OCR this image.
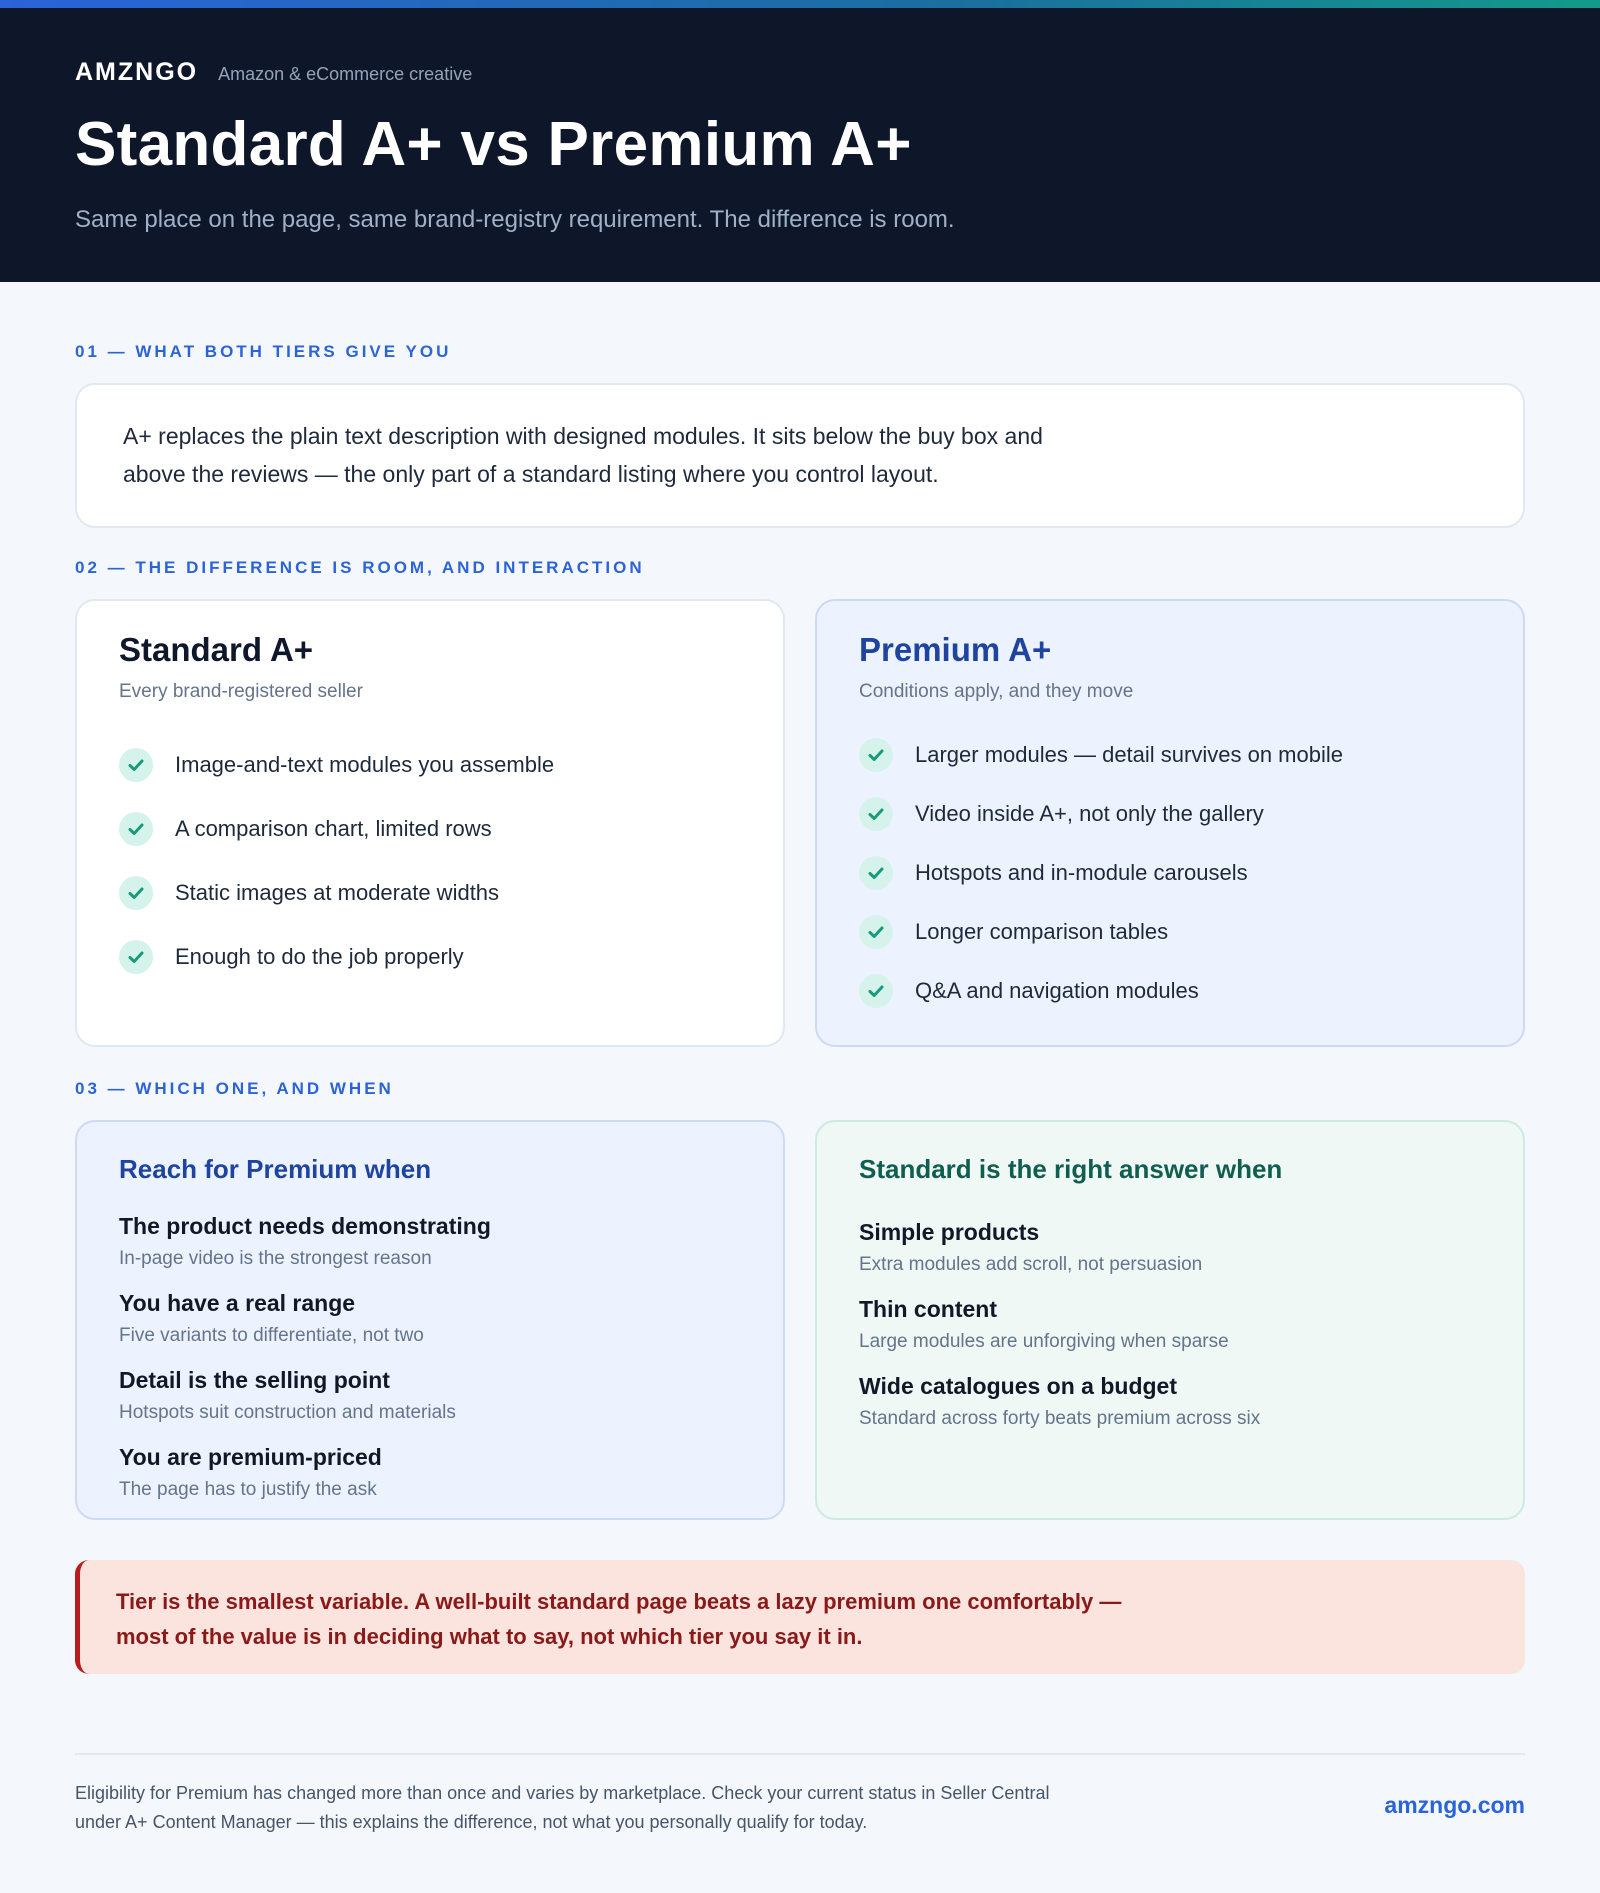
AMZNGO Amazon & eCommerce creative
Standard A+ vs Premium A+

Same place on the page, same brand-registry requirement. The difference is room.

01 — WHAT BOTH TIERS GIVE YOU

A+ replaces the plain text description with designed modules. It sits below the buy box and above the reviews — the only part of a standard listing where you control layout.

02 — THE DIFFERENCE IS ROOM, AND INTERACTION
Standard A+
Every brand-registered seller
Image-and-text modules you assemble
A comparison chart, limited rows
Static images at moderate widths
Enough to do the job properly
Premium A+
Conditions apply, and they move
Larger modules — detail survives on mobile
Video inside A+, not only the gallery
Hotspots and in-module carousels
Longer comparison tables
Q&A and navigation modules
03 — WHICH ONE, AND WHEN
Reach for Premium when
The product needs demonstrating
In-page video is the strongest reason
You have a real range
Five variants to differentiate, not two
Detail is the selling point
Hotspots suit construction and materials
You are premium-priced
The page has to justify the ask
Standard is the right answer when
Simple products
Extra modules add scroll, not persuasion
Thin content
Large modules are unforgiving when sparse
Wide catalogues on a budget
Standard across forty beats premium across six

Tier is the smallest variable. A well-built standard page beats a lazy premium one comfortably — most of the value is in deciding what to say, not which tier you say it in.

Eligibility for Premium has changed more than once and varies by marketplace. Check your current status in Seller Central under A+ Content Manager — this explains the difference, not what you personally qualify for today.

amzngo.com
